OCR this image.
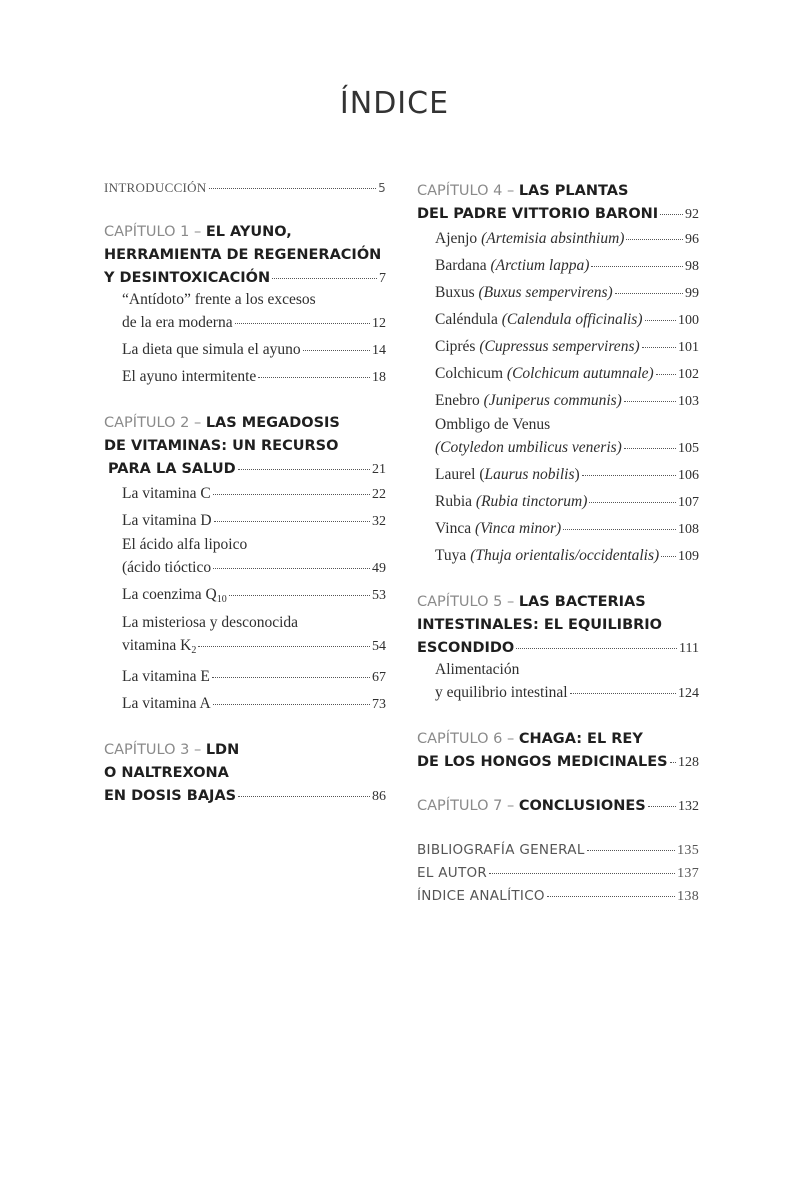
ÍNDICE
INTRODUCCIÓN	5
CAPÍTULO 1 – EL AYUNO,
HERRAMIENTA DE REGENERACIÓN
Y DESINTOXICACIÓN	7
“Antídoto” frente a los excesos
de la era moderna	12
La dieta que simula el ayuno	14
El ayuno intermitente	18
CAPÍTULO 2 – LAS MEGADOSIS
DE VITAMINAS: UN RECURSO
PARA LA SALUD	21
La vitamina C	22
La vitamina D	32
El ácido alfa lipoico
(ácido tióctico	49
La coenzima $Q_{10}$	53
La misteriosa y desconocida
vitamina $K_2$	54
La vitamina E	67
La vitamina A	73
CAPÍTULO 3 – LDN
O NALTREXONA
EN DOSIS BAJAS	86
CAPÍTULO 4 – LAS PLANTAS
DEL PADRE VITTORIO BARONI 92
Ajenjo (Artemisia absinthium)	96
Bardana (Arctium lappa)	98
Buxus (Buxus sempervirens)	99
Caléndula (Calendula officinalis)	100
Ciprés (Cupressus sempervirens)	101
Colchicum (Colchicum autumnale) 102
Enebro (Juniperus communis)	103
Ombligo de Venus
(Cotyledon umbilicus veneris)	105
Laurel (Laurus nobilis)	106
Rubia (Rubia tinctorum)	107
Vinca (Vinca minor)	108
Tuya (Thuja orientalis/occidentalis) 109
CAPÍTULO 5 – LAS BACTERIAS
INTESTINALES: EL EQUILIBRIO
ESCONDIDO	111
Alimentación
y equilibrio intestinal	124
CAPÍTULO 6 – CHAGA: EL REY
DE LOS HONGOS MEDICINALES 128
CAPÍTULO 7 – CONCLUSIONES 132
BIBLIOGRAFÍA GENERAL	135
EL AUTOR	137
ÍNDICE ANALÍTICO	138
